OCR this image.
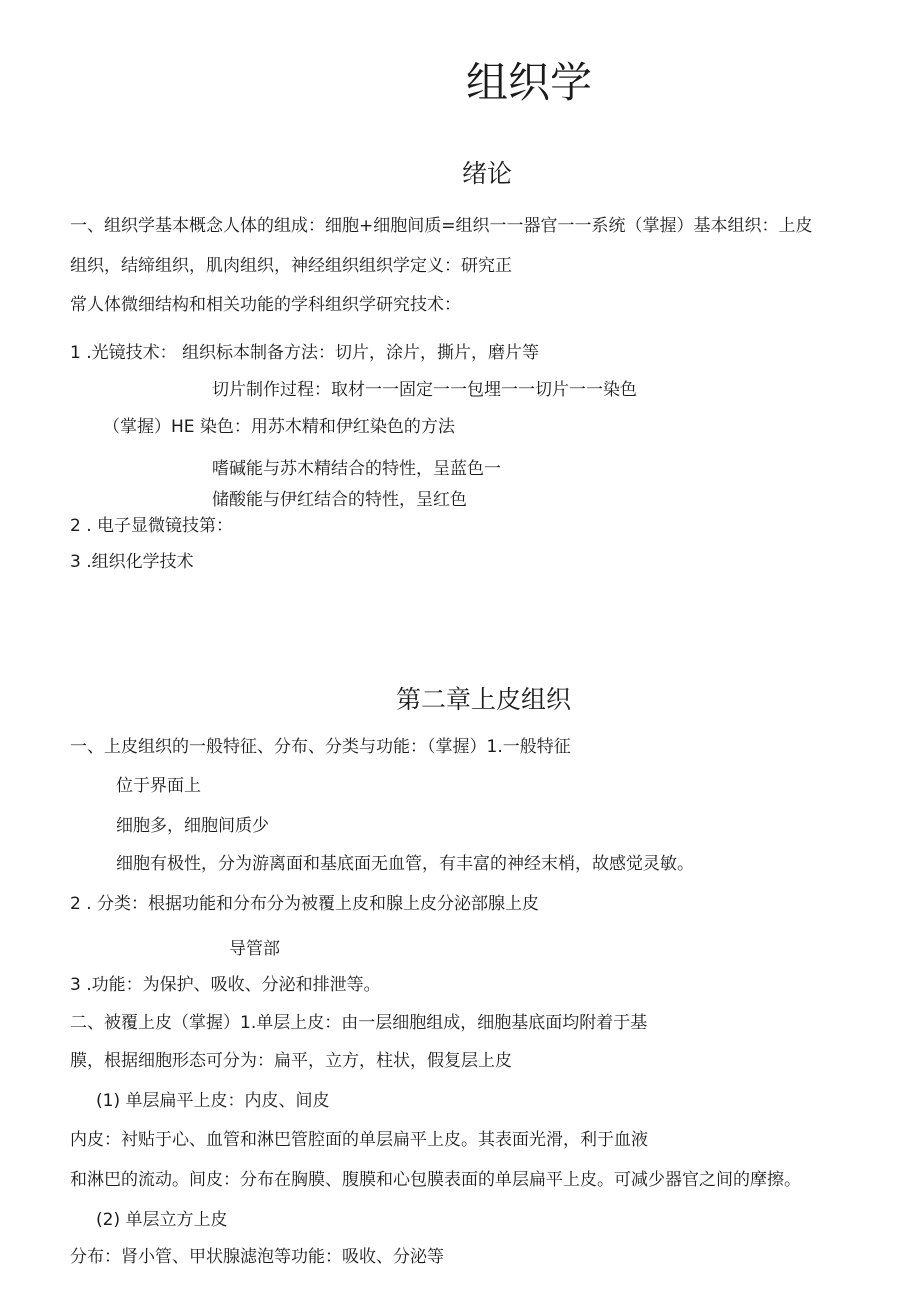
组织学
绪论
一、组织学基本概念人体的组成：细胞+细胞间质=组织一一器官一一系统（掌握）基本组织：上皮
组织，结缔组织，肌肉组织，神经组织组织学定义：研究正
常人体微细结构和相关功能的学科组织学研究技术：
1 .光镜技术： 组织标本制备方法：切片，涂片，撕片，磨片等
切片制作过程：取材一一固定一一包埋一一切片一一染色
（掌握）HE 染色：用苏木精和伊红染色的方法
嗜碱能与苏木精结合的特性，呈蓝色一
储酸能与伊红结合的特性，呈红色
2 . 电子显微镜技第：
3 .组织化学技术
第二章上皮组织
一、上皮组织的一般特征、分布、分类与功能：（掌握）1.一般特征
位于界面上
细胞多，细胞间质少
细胞有极性，分为游离面和基底面无血管，有丰富的神经末梢，故感觉灵敏。
2 . 分类：根据功能和分布分为被覆上皮和腺上皮分泌部腺上皮
导管部
3 .功能：为保护、吸收、分泌和排泄等。
二、被覆上皮（掌握）1.单层上皮：由一层细胞组成，细胞基底面均附着于基
膜，根据细胞形态可分为：扁平，立方，柱状，假复层上皮
(1) 单层扁平上皮：内皮、间皮
内皮：衬贴于心、血管和淋巴管腔面的单层扁平上皮。其表面光滑，利于血液
和淋巴的流动。间皮：分布在胸膜、腹膜和心包膜表面的单层扁平上皮。可减少器官之间的摩擦。
(2) 单层立方上皮
分布：肾小管、甲状腺滤泡等功能：吸收、分泌等
